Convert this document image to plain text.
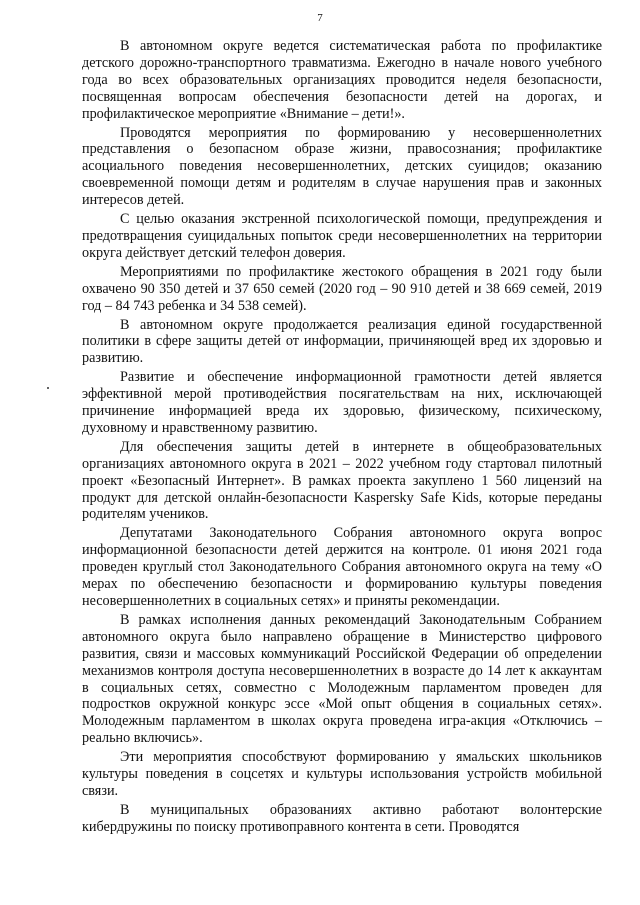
7

В автономном округе ведется систематическая работа по профилактике детского дорожно-транспортного травматизма. Ежегодно в начале нового учебного года во всех образовательных организациях проводится неделя безопасности, посвященная вопросам обеспечения безопасности детей на дорогах, и профилактическое мероприятие «Внимание – дети!».

Проводятся мероприятия по формированию у несовершеннолетних представления о безопасном образе жизни, правосознания; профилактике асоциального поведения несовершеннолетних, детских суицидов; оказанию своевременной помощи детям и родителям в случае нарушения прав и законных интересов детей.

С целью оказания экстренной психологической помощи, предупреждения и предотвращения суицидальных попыток среди несовершеннолетних на территории округа действует детский телефон доверия.

Мероприятиями по профилактике жестокого обращения в 2021 году были охвачено 90 350 детей и 37 650 семей (2020 год – 90 910 детей и 38 669 семей, 2019 год – 84 743 ребенка и 34 538 семей).

В автономном округе продолжается реализация единой государственной политики в сфере защиты детей от информации, причиняющей вред их здоровью и развитию.

Развитие и обеспечение информационной грамотности детей является эффективной мерой противодействия посягательствам на них, исключающей причинение информацией вреда их здоровью, физическому, психическому, духовному и нравственному развитию.

Для обеспечения защиты детей в интернете в общеобразовательных организациях автономного округа в 2021 – 2022 учебном году стартовал пилотный проект «Безопасный Интернет». В рамках проекта закуплено 1 560 лицензий на продукт для детской онлайн-безопасности Kaspersky Safe Kids, которые переданы родителям учеников.

Депутатами Законодательного Собрания автономного округа вопрос информационной безопасности детей держится на контроле. 01 июня 2021 года проведен круглый стол Законодательного Собрания автономного округа на тему «О мерах по обеспечению безопасности и формированию культуры поведения несовершеннолетних в социальных сетях» и приняты рекомендации.

В рамках исполнения данных рекомендаций Законодательным Собранием автономного округа было направлено обращение в Министерство цифрового развития, связи и массовых коммуникаций Российской Федерации об определении механизмов контроля доступа несовершеннолетних в возрасте до 14 лет к аккаунтам в социальных сетях, совместно с Молодежным парламентом проведен для подростков окружной конкурс эссе «Мой опыт общения в социальных сетях». Молодежным парламентом в школах округа проведена игра-акция «Отключись – реально включись».

Эти мероприятия способствуют формированию у ямальских школьников культуры поведения в соцсетях и культуры использования устройств мобильной связи.

В муниципальных образованиях активно работают волонтерские кибердружины по поиску противоправного контента в сети. Проводятся
